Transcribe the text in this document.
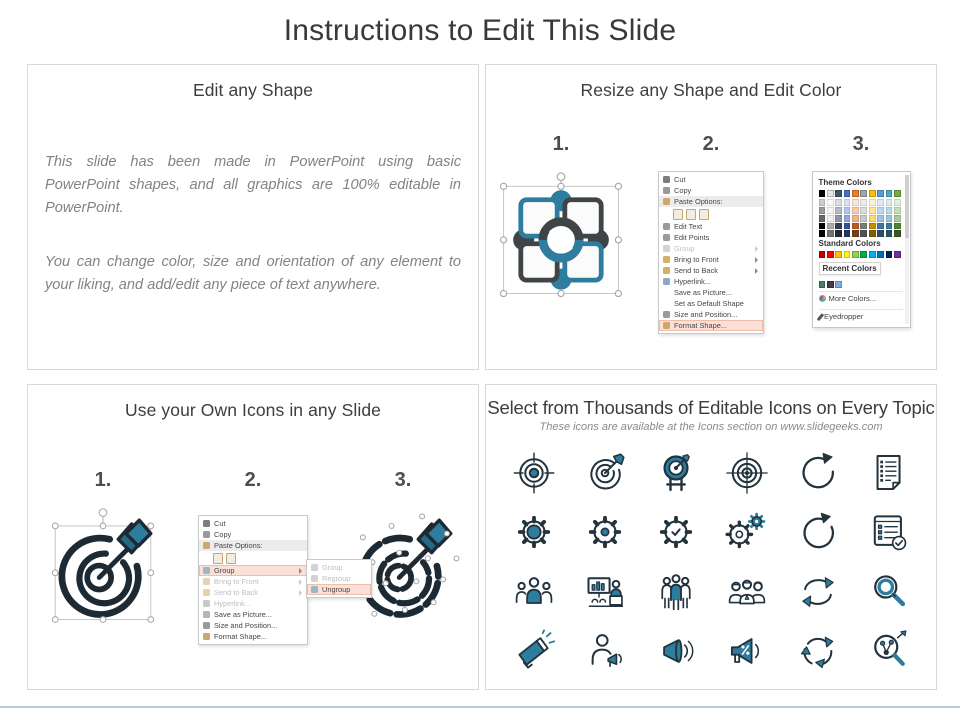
Instructions to Edit This Slide
Edit any Shape

This slide has been made in PowerPoint using basic PowerPoint shapes, and all graphics are 100% editable in PowerPoint.

You can change color, size and orientation of any element to your liking, and add/edit any piece of text anywhere.

Resize any Shape and Edit Color
1.	2.	3.
Cut
Copy
Paste Options:
Edit Text
Edit Points
Group
Bring to Front
Send to Back
Hyperlink...
Save as Picture...
Set as Default Shape
Size and Position...
Format Shape...
Theme Colors
Standard Colors
Recent Colors
More Colors...
Eyedropper
Use your Own Icons in any Slide
1.	2.	3.
Cut
Copy
Paste Options:
Group
Bring to Front
Send to Back
Hyperlink...
Save as Picture...
Size and Position...
Format Shape...
Group
Regroup
Ungroup
Select from Thousands of Editable Icons on Every Topic
These icons are available at the Icons section on www.slidegeeks.com
